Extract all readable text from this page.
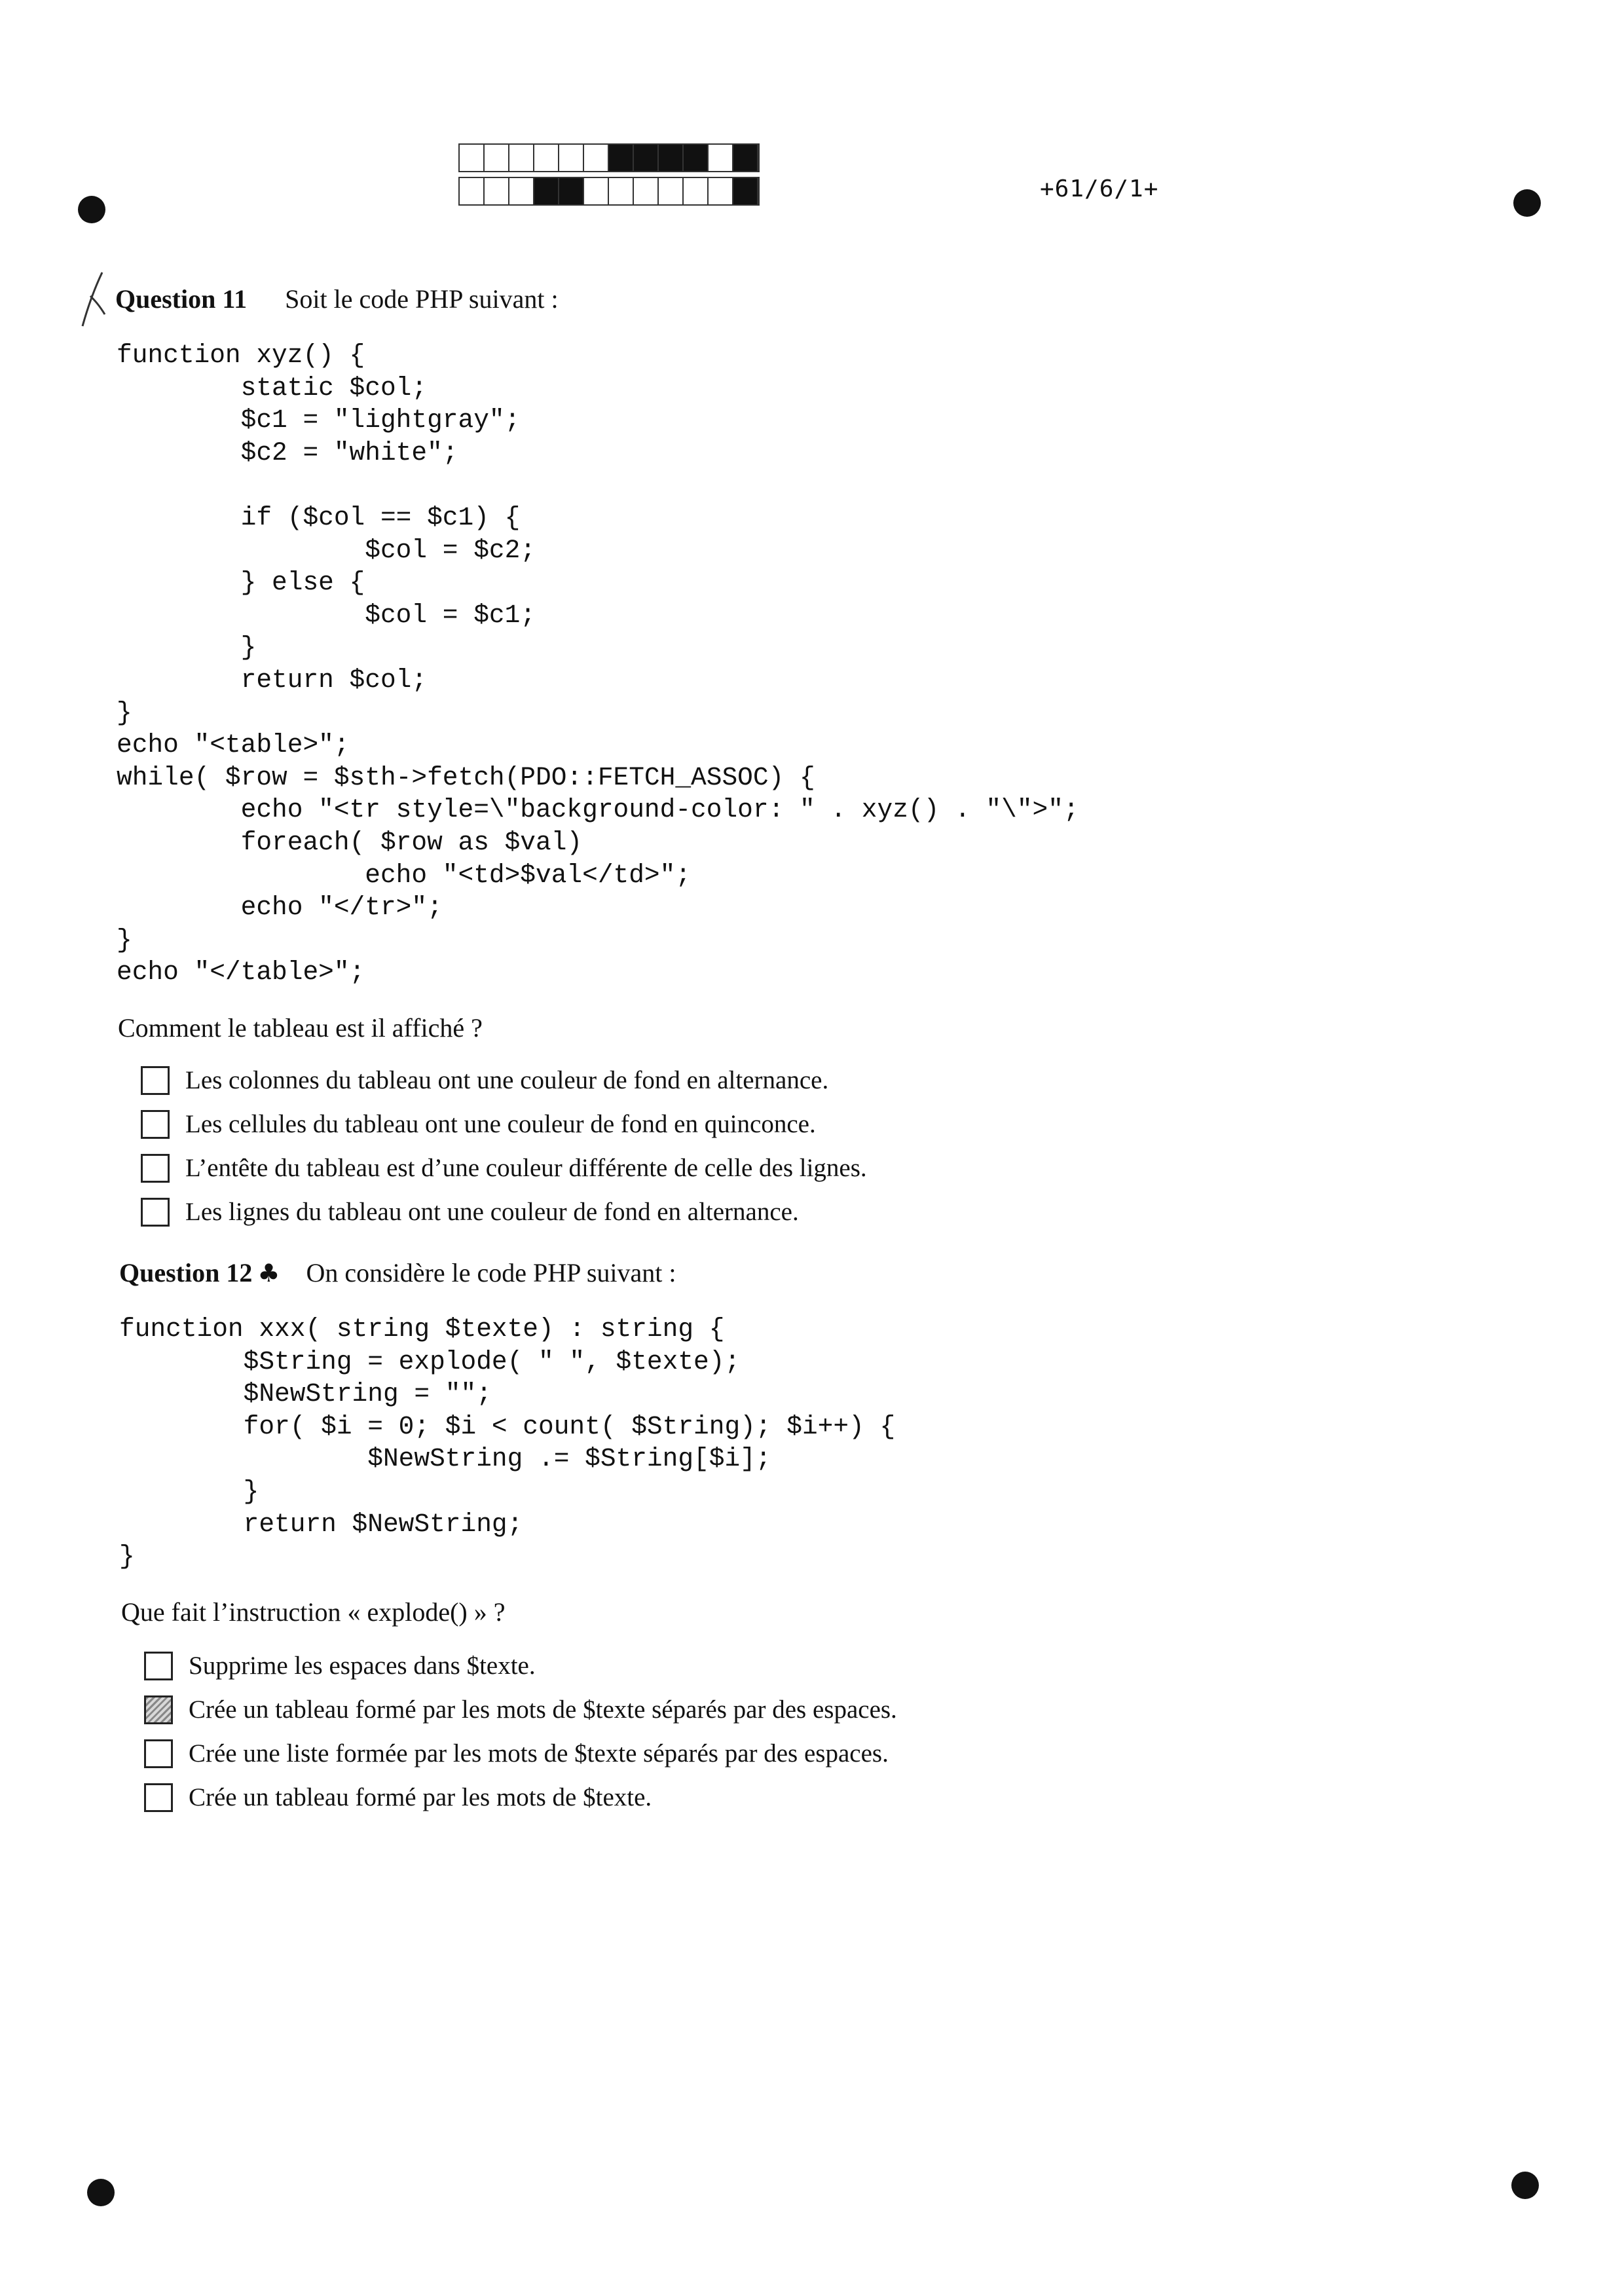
+61/6/1+
Question 11 Soit le code PHP suivant :
function xyz() {
static $col;
$c1 = "lightgray";
$c2 = "white";

if ($col == $c1) {
$col = $c2;
} else {
$col = $c1;
}
return $col;
}
echo "<table>";
while( $row = $sth->fetch(PDO::FETCH_ASSOC) {
echo "<tr style=\"background-color: " . xyz() . "\">";
foreach( $row as $val)
echo "<td>$val</td>";
echo "</tr>";
}
echo "</table>";
Comment le tableau est il affiché ?
Les colonnes du tableau ont une couleur de fond en alternance.
Les cellules du tableau ont une couleur de fond en quinconce.
L’entête du tableau est d’une couleur différente de celle des lignes.
Les lignes du tableau ont une couleur de fond en alternance.
Question 12 ♣ On considère le code PHP suivant :
function xxx( string $texte) : string {
$String = explode( " ", $texte);
$NewString = "";
for( $i = 0; $i < count( $String); $i++) {
$NewString .= $String[$i];
}
return $NewString;
}
Que fait l’instruction « explode() » ?
Supprime les espaces dans $texte.
Crée un tableau formé par les mots de $texte séparés par des espaces.
Crée une liste formée par les mots de $texte séparés par des espaces.
Crée un tableau formé par les mots de $texte.
